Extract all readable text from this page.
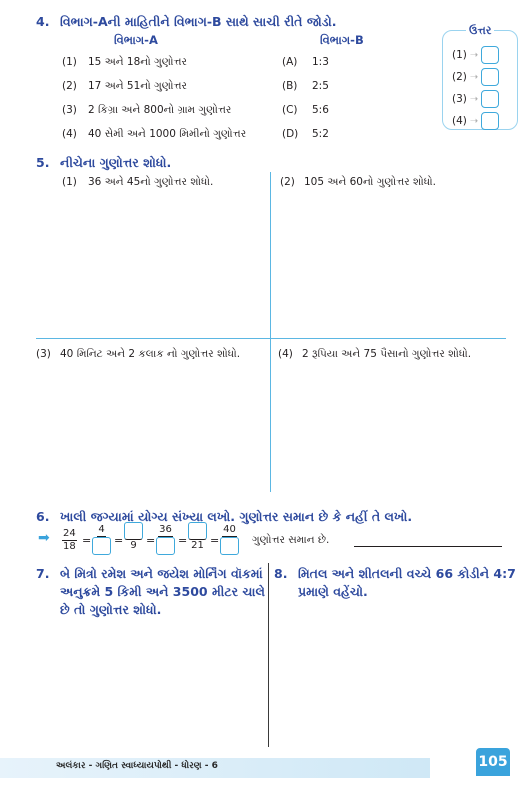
4. વિભાગ-Aની માહિતીને વિભાગ-B સાથે સાચી રીતે જોડો.
વિભાગ-A	વિભાગ-B
ઉત્તર
(1) 15 અને 18નો ગુણોત્તર	(A) 1:3
(2) 17 અને 51નો ગુણોત્તર	(B) 2:5
(3) 2 કિગ્રા અને 800નો ગ્રામ ગુણોત્તર	(C) 5:6
(4) 40 સેમી અને 1000 મિમીનો ગુણોત્તર	(D) 5:2
(1) ➝
(2) ➝
(3) ➝
(4) ➝
5. નીચેના ગુણોત્તર શોધો.
(1) 36 અને 45નો ગુણોત્તર શોધો.	(2) 105 અને 60નો ગુણોત્તર શોધો.
(3) 40 મિનિટ અને 2 કલાક નો ગુણોત્તર શોધો.	(4) 2 રૂપિયા અને 75 પૈસાનો ગુણોત્તર શોધો.
6. ખાલી જગ્યામાં યોગ્ય સંખ્યા લખો. ગુણોત્તર સમાન છે કે નહીં તે લખો.
➡ $\frac{24}{18}$ =
4
= 9 =
36
= 21 =
40
ગુણોત્તર સમાન છે.
7. બે મિત્રો રમેશ અને જયેશ મોર્નિંગ વૉકમાં
અનુક્રમે 5 કિમી અને 3500 મીટર ચાલે
છે તો ગુણોત્તર શોધો.
8. મિતલ અને શીતલની વચ્ચે 66 કોડીને 4:7
પ્રમાણે વહેંચો.
અલંકાર - ગણિત સ્વાધ્યાયપોથી - ધોરણ - 6	105
